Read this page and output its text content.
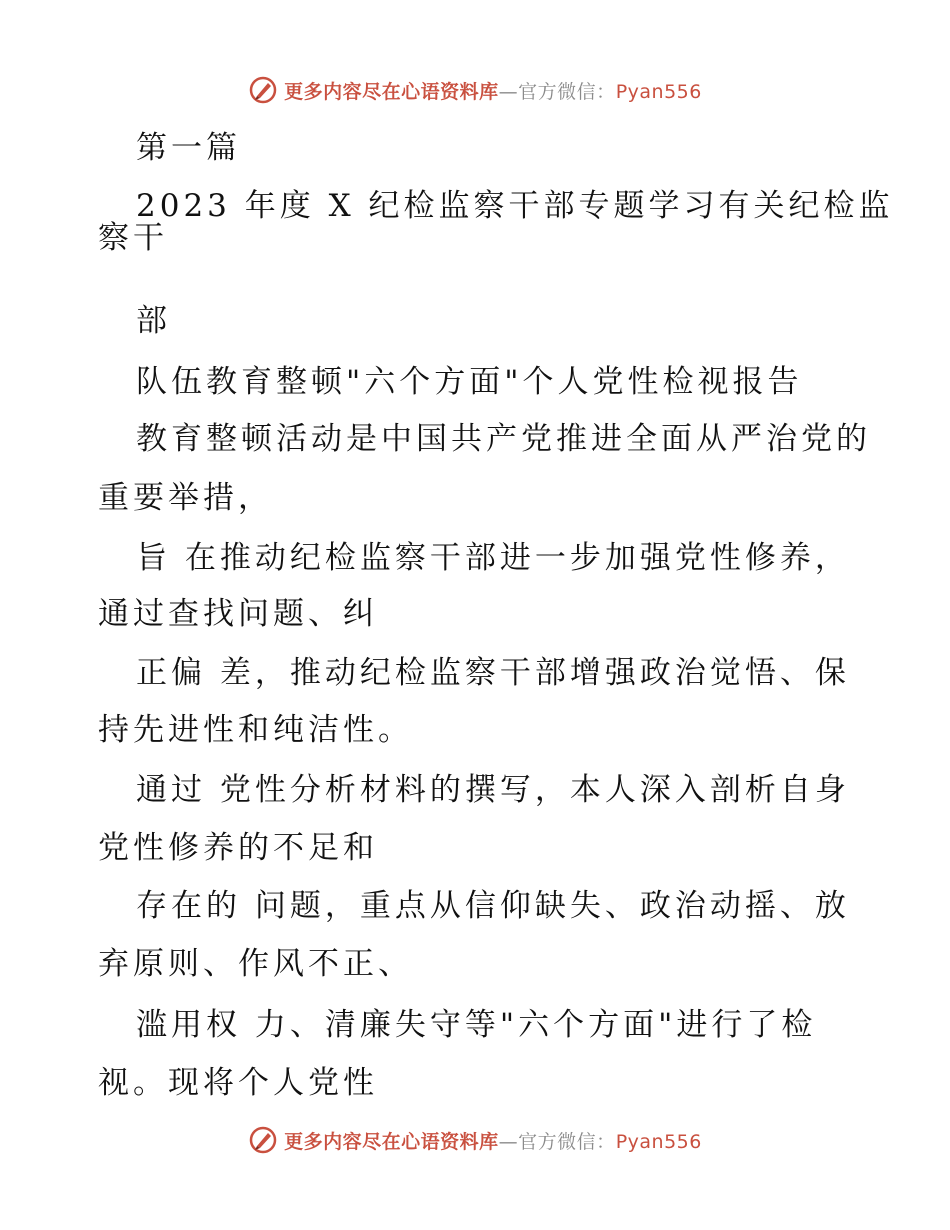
更多内容尽在心语资料库—官方微信：Pyan556
第一篇
2023 年度 X 纪检监察干部专题学习有关纪检监
察干
部
队伍教育整顿"六个方面"个人党性检视报告
教育整顿活动是中国共产党推进全面从严治党的
重要举措，
旨 在推动纪检监察干部进一步加强党性修养，
通过查找问题、纠
正偏 差，推动纪检监察干部增强政治觉悟、保
持先进性和纯洁性。
通过 党性分析材料的撰写，本人深入剖析自身
党性修养的不足和
存在的 问题，重点从信仰缺失、政治动摇、放
弃原则、作风不正、
滥用权 力、清廉失守等"六个方面"进行了检
视。现将个人党性
更多内容尽在心语资料库—官方微信：Pyan556
